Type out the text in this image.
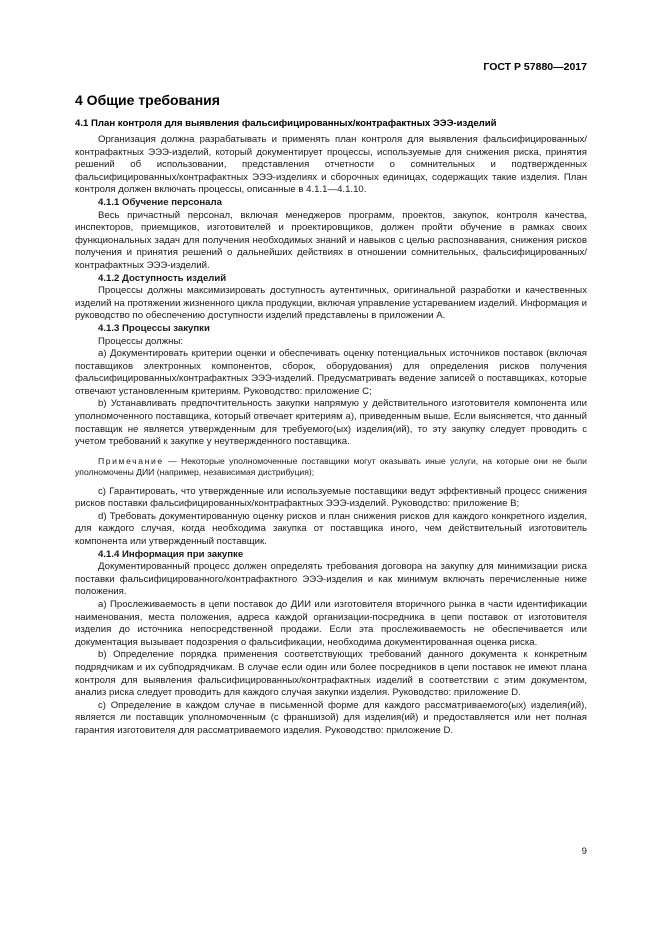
ГОСТ Р 57880—2017
4 Общие требования
4.1 План контроля для выявления фальсифицированных/контрафактных ЭЭЭ-изделий

Организация должна разрабатывать и применять план контроля для выявления фальсифицированных/контрафактных ЭЭЭ-изделий, который документирует процессы, используемые для снижения риска, принятия решений об использовании, представления отчетности о сомнительных и подтвержденных фальсифицированных/контрафактных ЭЭЭ-изделиях и сборочных единицах, содержащих такие изделия. План контроля должен включать процессы, описанные в 4.1.1—4.1.10.

4.1.1 Обучение персонала

Весь причастный персонал, включая менеджеров программ, проектов, закупок, контроля качества, инспекторов, приемщиков, изготовителей и проектировщиков, должен пройти обучение в рамках своих функциональных задач для получения необходимых знаний и навыков с целью распознавания, снижения рисков получения и принятия решений о дальнейших действиях в отношении сомнительных, фальсифицированных/контрафактных ЭЭЭ-изделий.

4.1.2 Доступность изделий

Процессы должны максимизировать доступность аутентичных, оригинальной разработки и качественных изделий на протяжении жизненного цикла продукции, включая управление устареванием изделий. Информация и руководство по обеспечению доступности изделий представлены в приложении А.

4.1.3 Процессы закупки

Процессы должны:

a) Документировать критерии оценки и обеспечивать оценку потенциальных источников поставок (включая поставщиков электронных компонентов, сборок, оборудования) для определения рисков получения фальсифицированных/контрафактных ЭЭЭ-изделий. Предусматривать ведение записей о поставщиках, которые отвечают установленным критериям. Руководство: приложение С;

b) Устанавливать предпочтительность закупки напрямую у действительного изготовителя компонента или уполномоченного поставщика, который отвечает критериям а), приведенным выше. Если выясняется, что данный поставщик не является утвержденным для требуемого(ых) изделия(ий), то эту закупку следует проводить с учетом требований к закупке у неутвержденного поставщика.

Примечание — Некоторые уполномоченные поставщики могут оказывать иные услуги, на которые они не были уполномочены ДИИ (например, независимая дистрибуция);

c) Гарантировать, что утвержденные или используемые поставщики ведут эффективный процесс снижения рисков поставки фальсифицированных/контрафактных ЭЭЭ-изделий. Руководство: приложение В;

d) Требовать документированную оценку рисков и план снижения рисков для каждого конкретного изделия, для каждого случая, когда необходима закупка от поставщика иного, чем действительный изготовитель компонента или утвержденный поставщик.

4.1.4 Информация при закупке

Документированный процесс должен определять требования договора на закупку для минимизации риска поставки фальсифицированного/контрафактного ЭЭЭ-изделия и как минимум включать перечисленные ниже положения.

a) Прослеживаемость в цепи поставок до ДИИ или изготовителя вторичного рынка в части идентификации наименования, места положения, адреса каждой организации-посредника в цепи поставок от изготовителя изделия до источника непосредственной продажи. Если эта прослеживаемость не обеспечивается или документация вызывает подозрения о фальсификации, необходима документированная оценка риска.

b) Определение порядка применения соответствующих требований данного документа к конкретным подрядчикам и их субподрядчикам. В случае если один или более посредников в цепи поставок не имеют плана контроля для выявления фальсифицированных/контрафактных изделий в соответствии с этим документом, анализ риска следует проводить для каждого случая закупки изделия. Руководство: приложение D.

c) Определение в каждом случае в письменной форме для каждого рассматриваемого(ых) изделия(ий), является ли поставщик уполномоченным (с франшизой) для изделия(ий) и предоставляется или нет полная гарантия изготовителя для рассматриваемого изделия. Руководство: приложение D.

9
